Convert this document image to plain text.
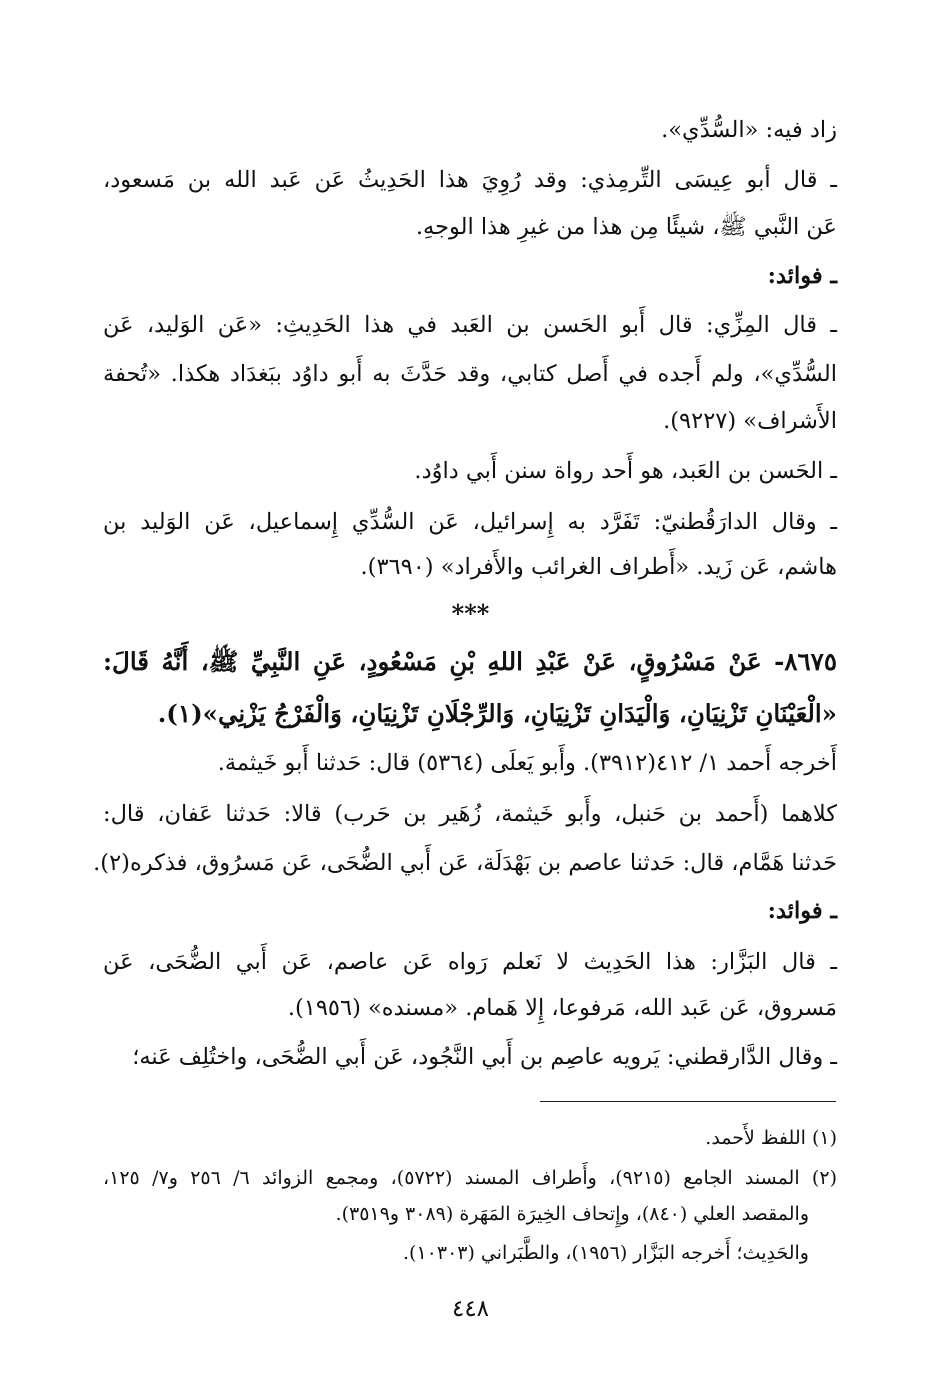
زاد فيه: «السُّدِّي».
ـ قال أبو عِيسَى التِّرمِذي: وقد رُوِيَ هذا الحَدِيثُ عَن عَبد الله بن مَسعود،
عَن النَّبي ﷺ، شيئًا مِن هذا من غيرِ هذا الوجهِ.
ـ فوائد:
ـ قال المِزِّي: قال أَبو الحَسن بن العَبد في هذا الحَدِيثِ: «عَن الوَليد، عَن
السُّدِّي»، ولم أَجده في أَصل كتابي، وقد حَدَّثَ به أَبو داوُد ببَغدَاد هكذا. «تُحفة
الأَشراف» (٩٢٢٧).
ـ الحَسن بن العَبد، هو أَحد رواة سنن أَبي داوُد.
ـ وقال الدارَقُطنيّ: تَفَرَّد به إِسرائيل، عَن السُّدِّي إِسماعيل، عَن الوَليد بن
هاشم، عَن زَيد. «أَطراف الغرائب والأَفراد» (٣٦٩٠).
***
٨٦٧٥- عَنْ مَسْرُوقٍ، عَنْ عَبْدِ اللهِ بْنِ مَسْعُودٍ، عَنِ النَّبِيِّ ﷺ، أَنَّهُ قَالَ:
«الْعَيْنَانِ تَزْنِيَانِ، وَالْيَدَانِ تَزْنِيَانِ، وَالرِّجْلَانِ تَزْنِيَانِ، وَالْفَرْجُ يَزْنِي»(١).
أَخرجه أَحمد ١/ ٤١٢(٣٩١٢). وأَبو يَعلَى (٥٣٦٤) قال: حَدثنا أَبو خَيثمة.
كلاهما (أَحمد بن حَنبل، وأَبو خَيثمة، زُهَير بن حَرب) قالا: حَدثنا عَفان، قال:
حَدثنا هَمَّام، قال: حَدثنا عاصم بن بَهْدَلَة، عَن أَبي الضُّحَى، عَن مَسرُوق، فذكره(٢).
ـ فوائد:
ـ قال البَزَّار: هذا الحَدِيث لا نَعلم رَواه عَن عاصم، عَن أَبي الضُّحَى، عَن
مَسروق، عَن عَبد الله، مَرفوعا، إِلا هَمام. «مسنده» (١٩٥٦).
ـ وقال الدَّارقطني: يَرويه عاصِم بن أَبي النَّجُود، عَن أَبي الضُّحَى، واختُلِف عَنه؛
(١) اللفظ لأَحمد.
(٢) المسند الجامع (٩٢١٥)، وأَطراف المسند (٥٧٢٢)، ومجمع الزوائد ٦/ ٢٥٦ و٧/ ١٢٥،
والمقصد العلي (٨٤٠)، وإِتحاف الخِيرَة المَهَرة (٣٠٨٩ و٣٥١٩).
والحَدِيث؛ أَخرجه البَزَّار (١٩٥٦)، والطَّبَراني (١٠٣٠٣).
٤٤٨
